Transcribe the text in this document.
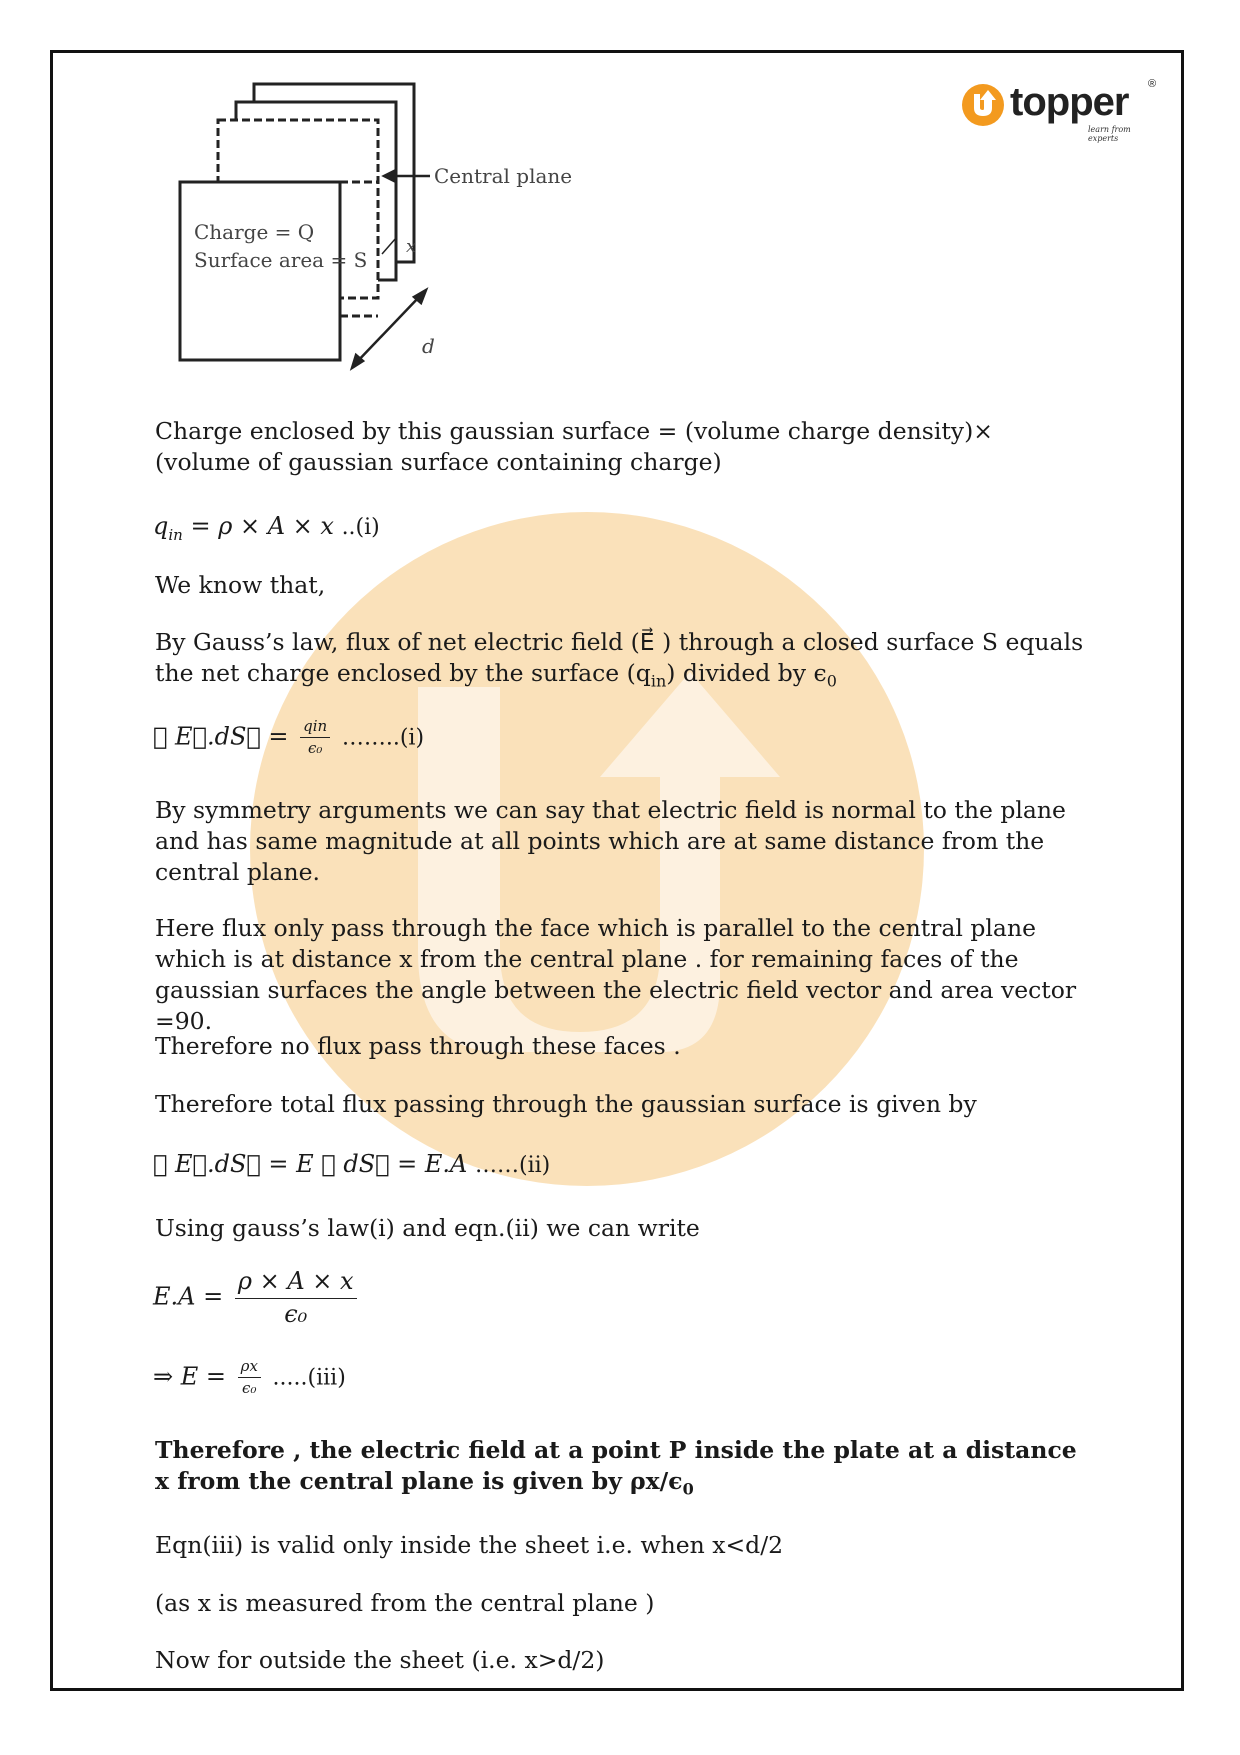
topper ®
learn from experts
Central plane
Charge = Q
Surface area = S
x
d

Charge enclosed by this gaussian surface = (volume charge density)× (volume of gaussian surface containing charge)

$q_{in} = \rho \times A \times x$ ..(i)

We know that,

By Gauss’s law, flux of net electric field (E⃗ ) through a closed surface S equals the net charge enclosed by the surface $(q_{in})$ divided by $\epsilon_0$

∮ E⃗.dS⃗ = $\frac{\text{qin}}{\text{ϵ₀}}$ ……..(i)

By symmetry arguments we can say that electric field is normal to the plane and has same magnitude at all points which are at same distance from the central plane.

Here flux only pass through the face which is parallel to the central plane which is at distance x from the central plane . for remaining faces of the gaussian surfaces the angle between the electric field vector and area vector =90.

Therefore no flux pass through these faces .

Therefore total flux passing through the gaussian surface is given by

∮ E⃗.dS⃗ = E ∮ dS⃗ = E.A ……(ii)

Using gauss’s law(i) and eqn.(ii) we can write

$E.A = \frac{\rho \times A \times x}{\text{ϵ₀}}$
⇒ $E = \frac{\rho x}{\text{ϵ₀}} .....(iii)$

Therefore , the electric field at a point P inside the plate at a distance x from the central plane is given by $\rho x/\epsilon_0$

Eqn(iii) is valid only inside the sheet i.e. when x<d/2

(as x is measured from the central plane )

Now for outside the sheet (i.e. x>d/2)
